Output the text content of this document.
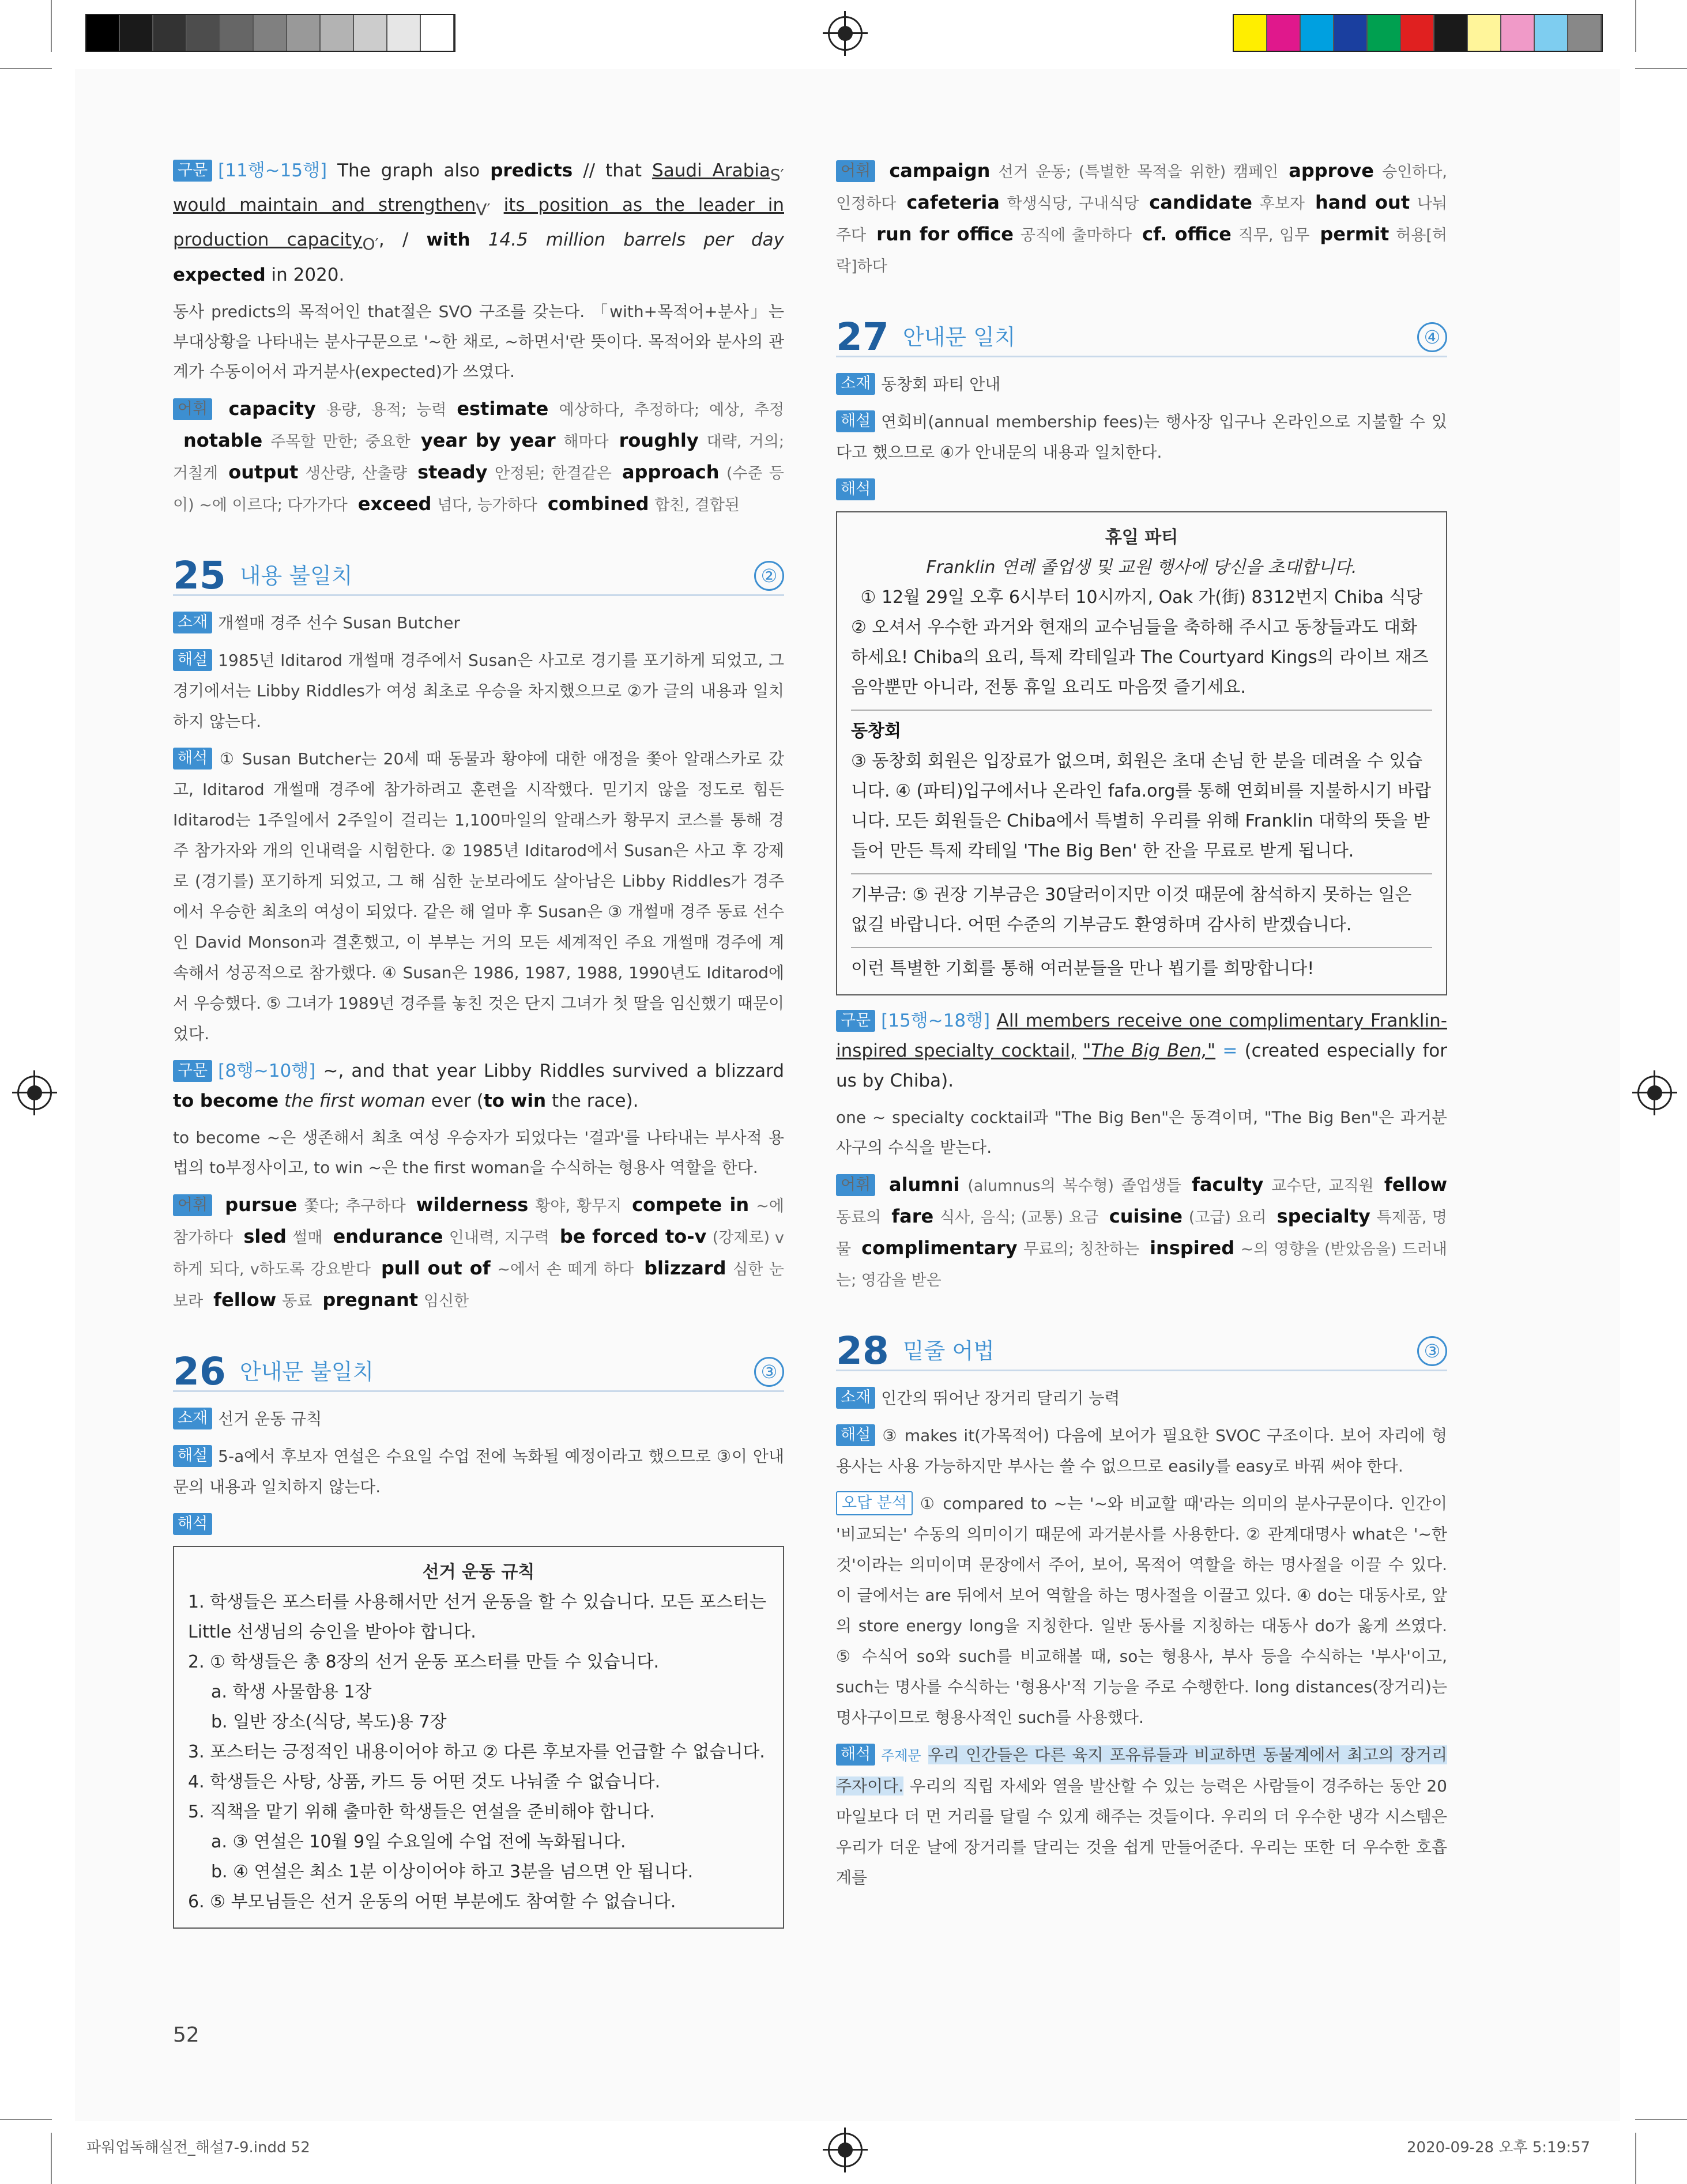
구문 [11행~15행] The graph also predicts // that Saudi Arabia$_{S'}$ would maintain and strengthen$_{V'}$ its position as the leader in production capacity$_{O'}$, / with 14.5 million barrels per day expected in 2020.

동사 predicts의 목적어인 that절은 SVO 구조를 갖는다. 「with+목적어+분사」는 부대상황을 나타내는 분사구문으로 '~한 채로, ~하면서'란 뜻이다. 목적어와 분사의 관계가 수동이어서 과거분사(expected)가 쓰였다.

어휘 capacity 용량, 용적; 능력 estimate 예상하다, 추정하다; 예상, 추정notable 주목할 만한; 중요한 year by year 해마다 roughly 대략, 거의; 거칠게 output 생산량, 산출량 steady 안정된; 한결같은 approach (수준 등이) ~에 이르다; 다가가다 exceed 넘다, 능가하다 combined 합친, 결합된

25 내용 불일치	②

소재 개썰매 경주 선수 Susan Butcher

해설 1985년 Iditarod 개썰매 경주에서 Susan은 사고로 경기를 포기하게 되었고, 그 경기에서는 Libby Riddles가 여성 최초로 우승을 차지했으므로 ②가 글의 내용과 일치하지 않는다.

해석 ① Susan Butcher는 20세 때 동물과 황야에 대한 애정을 쫓아 알래스카로 갔고, Iditarod 개썰매 경주에 참가하려고 훈련을 시작했다. 믿기지 않을 정도로 힘든 Iditarod는 1주일에서 2주일이 걸리는 1,100마일의 알래스카 황무지 코스를 통해 경주 참가자와 개의 인내력을 시험한다. ② 1985년 Iditarod에서 Susan은 사고 후 강제로 (경기를) 포기하게 되었고, 그 해 심한 눈보라에도 살아남은 Libby Riddles가 경주에서 우승한 최초의 여성이 되었다. 같은 해 얼마 후 Susan은 ③ 개썰매 경주 동료 선수인 David Monson과 결혼했고, 이 부부는 거의 모든 세계적인 주요 개썰매 경주에 계속해서 성공적으로 참가했다. ④ Susan은 1986, 1987, 1988, 1990년도 Iditarod에서 우승했다. ⑤ 그녀가 1989년 경주를 놓친 것은 단지 그녀가 첫 딸을 임신했기 때문이었다.

구문 [8행~10행] ~, and that year Libby Riddles survived a blizzard to become the first woman ever (to win the race).

to become ~은 생존해서 최초 여성 우승자가 되었다는 '결과'를 나타내는 부사적 용법의 to부정사이고, to win ~은 the first woman을 수식하는 형용사 역할을 한다.

어휘 pursue 쫓다; 추구하다 wilderness 황야, 황무지 compete in ~에 참가하다 sled 썰매 endurance 인내력, 지구력 be forced to-v (강제로) v하게 되다, v하도록 강요받다 pull out of ~에서 손 떼게 하다 blizzard 심한 눈보라 fellow 동료 pregnant 임신한

26 안내문 불일치	③

소재 선거 운동 규칙

해설 5-a에서 후보자 연설은 수요일 수업 전에 녹화될 예정이라고 했으므로 ③이 안내문의 내용과 일치하지 않는다.

해석

선거 운동 규칙
1. 학생들은 포스터를 사용해서만 선거 운동을 할 수 있습니다. 모든 포스터는 Little 선생님의 승인을 받아야 합니다.
2. ① 학생들은 총 8장의 선거 운동 포스터를 만들 수 있습니다.
a. 학생 사물함용 1장
b. 일반 장소(식당, 복도)용 7장
3. 포스터는 긍정적인 내용이어야 하고 ② 다른 후보자를 언급할 수 없습니다.
4. 학생들은 사탕, 상품, 카드 등 어떤 것도 나눠줄 수 없습니다.
5. 직책을 맡기 위해 출마한 학생들은 연설을 준비해야 합니다.
a. ③ 연설은 10월 9일 수요일에 수업 전에 녹화됩니다.
b. ④ 연설은 최소 1분 이상이어야 하고 3분을 넘으면 안 됩니다.
6. ⑤ 부모님들은 선거 운동의 어떤 부분에도 참여할 수 없습니다.

어휘 campaign 선거 운동; (특별한 목적을 위한) 캠페인 approve 승인하다, 인정하다 cafeteria 학생식당, 구내식당 candidate 후보자 hand out 나눠주다 run for office 공직에 출마하다 cf. office 직무, 임무 permit 허용[허락]하다

27 안내문 일치	④

소재 동창회 파티 안내

해설 연회비(annual membership fees)는 행사장 입구나 온라인으로 지불할 수 있다고 했으므로 ④가 안내문의 내용과 일치한다.

해석

휴일 파티
Franklin 연례 졸업생 및 교원 행사에 당신을 초대합니다.
① 12월 29일 오후 6시부터 10시까지, Oak 가(街) 8312번지 Chiba 식당
② 오셔서 우수한 과거와 현재의 교수님들을 축하해 주시고 동창들과도 대화하세요! Chiba의 요리, 특제 칵테일과 The Courtyard Kings의 라이브 재즈 음악뿐만 아니라, 전통 휴일 요리도 마음껏 즐기세요.
동창회
③ 동창회 회원은 입장료가 없으며, 회원은 초대 손님 한 분을 데려올 수 있습니다. ④ (파티)입구에서나 온라인 fafa.org를 통해 연회비를 지불하시기 바랍니다. 모든 회원들은 Chiba에서 특별히 우리를 위해 Franklin 대학의 뜻을 받들어 만든 특제 칵테일 'The Big Ben' 한 잔을 무료로 받게 됩니다.
기부금: ⑤ 권장 기부금은 30달러이지만 이것 때문에 참석하지 못하는 일은 없길 바랍니다. 어떤 수준의 기부금도 환영하며 감사히 받겠습니다.
이런 특별한 기회를 통해 여러분들을 만나 뵙기를 희망합니다!

구문 [15행~18행] All members receive one complimentary Franklin-inspired specialty cocktail, "The Big Ben," = (created especially for us by Chiba).

one ~ specialty cocktail과 "The Big Ben"은 동격이며, "The Big Ben"은 과거분사구의 수식을 받는다.

어휘 alumni (alumnus의 복수형) 졸업생들 faculty 교수단, 교직원 fellow 동료의 fare 식사, 음식; (교통) 요금 cuisine (고급) 요리 specialty 특제품, 명물 complimentary 무료의; 칭찬하는 inspired ~의 영향을 (받았음을) 드러내는; 영감을 받은

28 밑줄 어법	③

소재 인간의 뛰어난 장거리 달리기 능력

해설 ③ makes it(가목적어) 다음에 보어가 필요한 SVOC 구조이다. 보어 자리에 형용사는 사용 가능하지만 부사는 쓸 수 없으므로 easily를 easy로 바꿔 써야 한다.

오답 분석 ① compared to ~는 '~와 비교할 때'라는 의미의 분사구문이다. 인간이 '비교되는' 수동의 의미이기 때문에 과거분사를 사용한다. ② 관계대명사 what은 '~한 것'이라는 의미이며 문장에서 주어, 보어, 목적어 역할을 하는 명사절을 이끌 수 있다. 이 글에서는 are 뒤에서 보어 역할을 하는 명사절을 이끌고 있다. ④ do는 대동사로, 앞의 store energy long을 지칭한다. 일반 동사를 지칭하는 대동사 do가 옳게 쓰였다. ⑤ 수식어 so와 such를 비교해볼 때, so는 형용사, 부사 등을 수식하는 '부사'이고, such는 명사를 수식하는 '형용사'적 기능을 주로 수행한다. long distances(장거리)는 명사구이므로 형용사적인 such를 사용했다.

해석 주제문 우리 인간들은 다른 육지 포유류들과 비교하면 동물계에서 최고의 장거리 주자이다. 우리의 직립 자세와 열을 발산할 수 있는 능력은 사람들이 경주하는 동안 20마일보다 더 먼 거리를 달릴 수 있게 해주는 것들이다. 우리의 더 우수한 냉각 시스템은 우리가 더운 날에 장거리를 달리는 것을 쉽게 만들어준다. 우리는 또한 더 우수한 호흡계를

52
파워업독해실전_해설7-9.indd 52	2020-09-28 오후 5:19:57
